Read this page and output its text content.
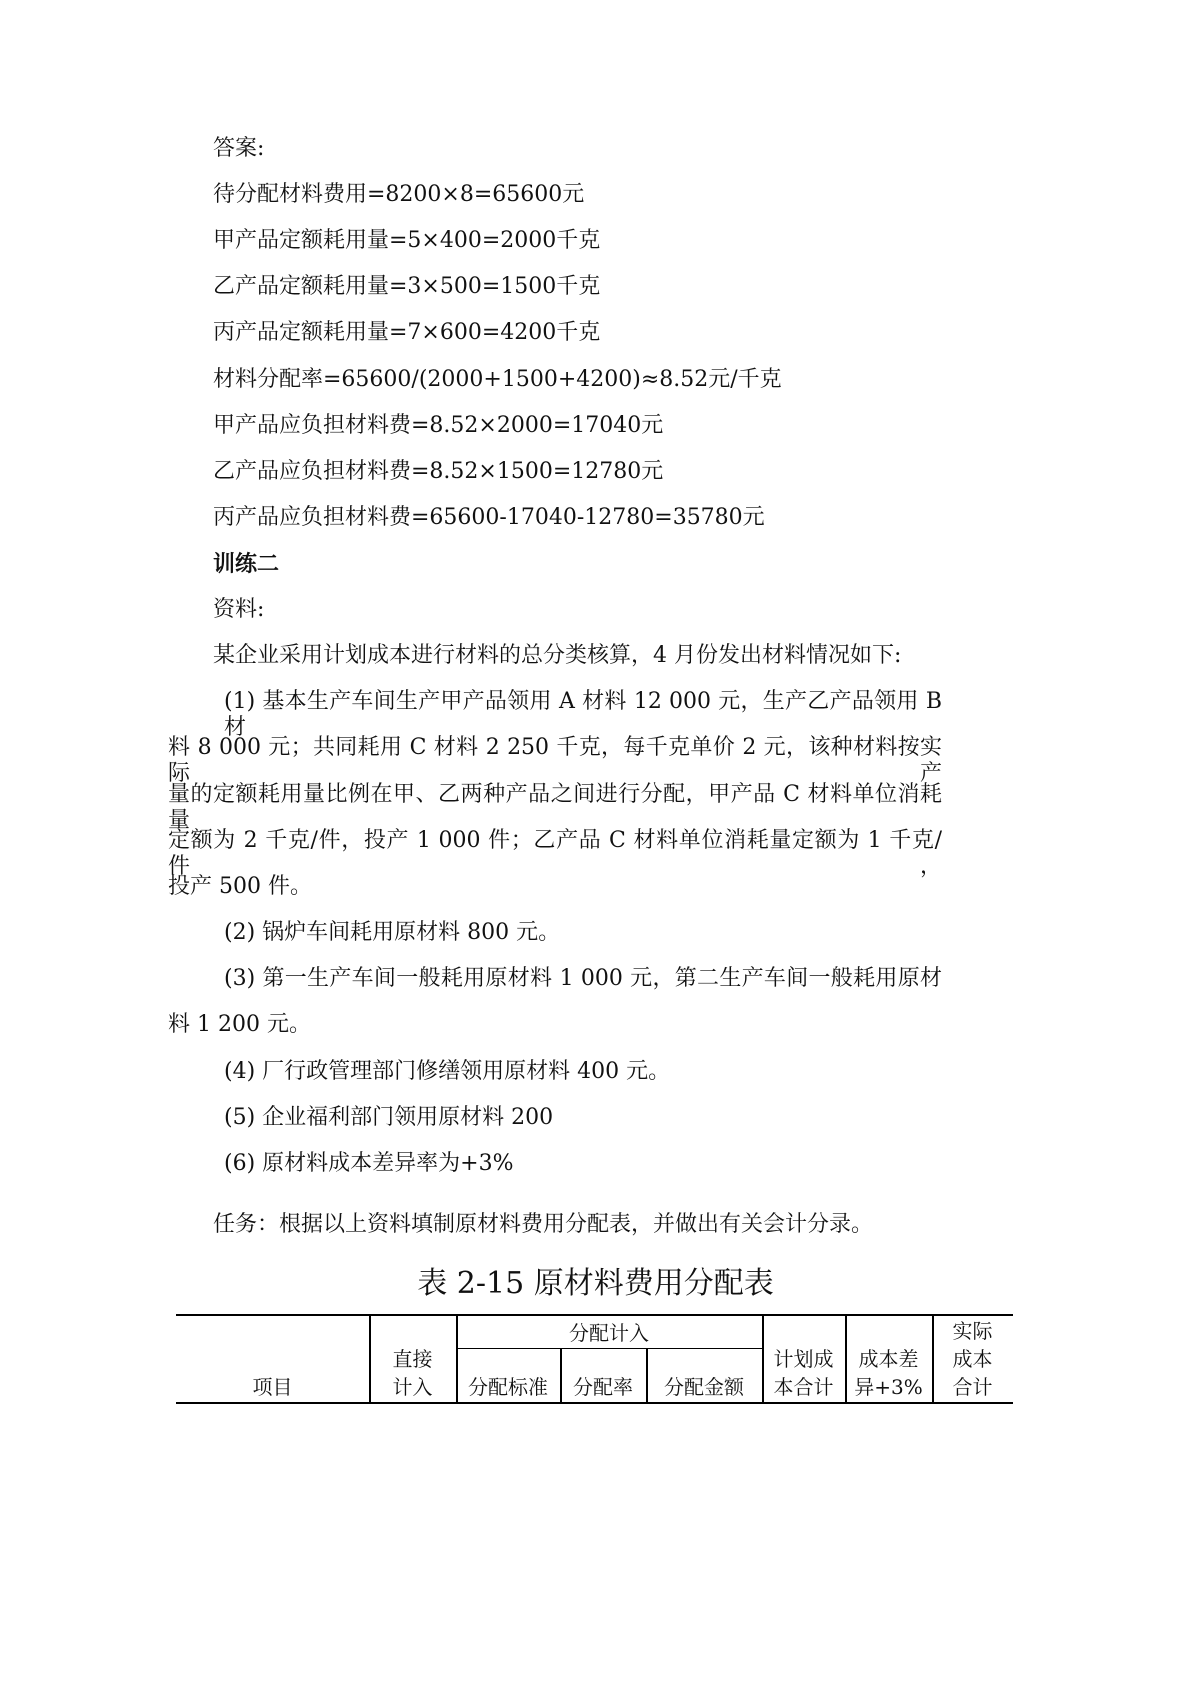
答案:
待分配材料费用=8200×8=65600元
甲产品定额耗用量=5×400=2000千克
乙产品定额耗用量=3×500=1500千克
丙产品定额耗用量=7×600=4200千克
材料分配率=65600/(2000+1500+4200)≈8.52元/千克
甲产品应负担材料费=8.52×2000=17040元
乙产品应负担材料费=8.52×1500=12780元
丙产品应负担材料费=65600-17040-12780=35780元
训练二
资料:
某企业采用计划成本进行材料的总分类核算，4 月份发出材料情况如下:
(1) 基本生产车间生产甲产品领用 A 材料 12 000 元，生产乙产品领用 B 材
料 8 000 元；共同耗用 C 材料 2 250 千克，每千克单价 2 元，该种材料按实际产
量的定额耗用量比例在甲、乙两种产品之间进行分配，甲产品 C 材料单位消耗量
定额为 2 千克/件，投产 1 000 件；乙产品 C 材料单位消耗量定额为 1 千克/件，
投产 500 件。
(2) 锅炉车间耗用原材料 800 元。
(3) 第一生产车间一般耗用原材料 1 000 元，第二生产车间一般耗用原材
料 1 200 元。
(4) 厂行政管理部门修缮领用原材料 400 元。
(5) 企业福利部门领用原材料 200
(6) 原材料成本差异率为+3%
任务：根据以上资料填制原材料费用分配表，并做出有关会计分录。
表 2-15 原材料费用分配表
项目
直接
计入
分配计入
分配标准	分配率	分配金额
计划成
本合计
成本差
异+3%
实际
成本
合计
